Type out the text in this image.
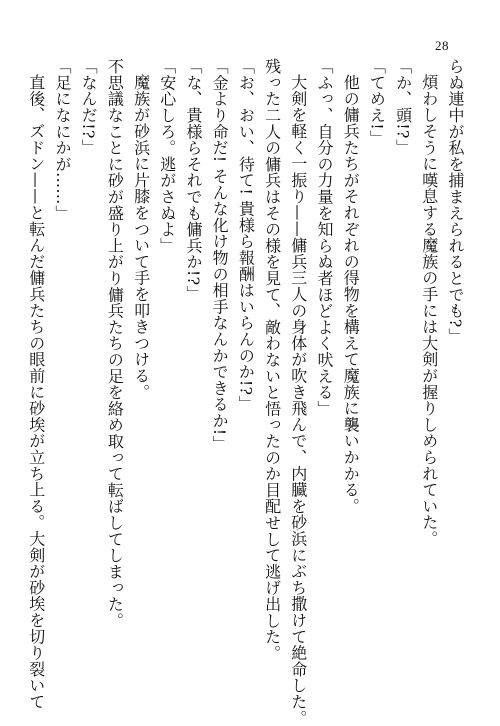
28
らぬ連中が私を捕まえられるとでも?」
煩わしそうに嘆息する魔族の手には大剣が握りしめられていた。
「か、頭!?」
「てめえ!」
他の傭兵たちがそれぞれの得物を構えて魔族に襲いかかる。
「ふっ、自分の力量を知らぬ者ほどよく吠える」
大剣を軽く一振り——傭兵三人の身体が吹き飛んで、内臓を砂浜にぶち撒けて絶命した。
残った二人の傭兵はその様を見て、敵わないと悟ったのか目配せして逃げ出した。
「お、おい、待て! 貴様ら報酬はいらんのか!?」
「金より命だ! そんな化け物の相手なんかできるか!」
「な、貴様らそれでも傭兵か!?」
「安心しろ。逃がさぬよ」
魔族が砂浜に片膝をついて手を叩きつける。
不思議なことに砂が盛り上がり傭兵たちの足を絡め取って転ばしてしまった。
「なんだ!?」
「足になにかが……」
直後、ズドン——と転んだ傭兵たちの眼前に砂埃が立ち上る。大剣が砂埃を切り裂いて
